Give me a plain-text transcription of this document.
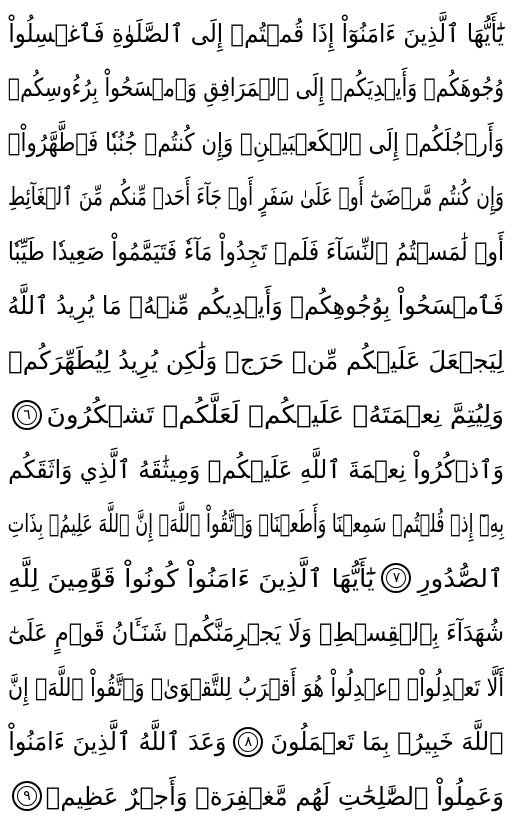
يَٰٓأَيُّهَا ٱلَّذِينَ ءَامَنُوٓاْ إِذَا قُمۡتُمۡ إِلَى ٱلصَّلَوٰةِ فَٱغۡسِلُواْ
وُجُوهَكُمۡ وَأَيۡدِيَكُمۡ إِلَى ٱلۡمَرَافِقِ وَٱمۡسَحُواْ بِرُءُوسِكُمۡ
وَأَرۡجُلَكُمۡ إِلَى ٱلۡكَعۡبَيۡنِۚ وَإِن كُنتُمۡ جُنُبٗا فَٱطَّهَّرُواْۚ
وَإِن كُنتُم مَّرۡضَىٰٓ أَوۡ عَلَىٰ سَفَرٍ أَوۡ جَآءَ أَحَدٞ مِّنكُم مِّنَ ٱلۡغَآئِطِ
أَوۡ لَٰمَسۡتُمُ ٱلنِّسَآءَ فَلَمۡ تَجِدُواْ مَآءٗ فَتَيَمَّمُواْ صَعِيدٗا طَيِّبٗا
فَٱمۡسَحُواْ بِوُجُوهِكُمۡ وَأَيۡدِيكُم مِّنۡهُۚ مَا يُرِيدُ ٱللَّهُ
لِيَجۡعَلَ عَلَيۡكُم مِّنۡ حَرَجٖ وَلَٰكِن يُرِيدُ لِيُطَهِّرَكُمۡ
وَلِيُتِمَّ نِعۡمَتَهُۥ عَلَيۡكُمۡ لَعَلَّكُمۡ تَشۡكُرُونَ
٦
وَٱذۡكُرُواْ نِعۡمَةَ ٱللَّهِ عَلَيۡكُمۡ وَمِيثَٰقَهُ ٱلَّذِي وَاثَقَكُم
بِهِۦٓ إِذۡ قُلۡتُمۡ سَمِعۡنَا وَأَطَعۡنَاۖ وَٱتَّقُواْ ٱللَّهَۚ إِنَّ ٱللَّهَ عَلِيمُۢ بِذَاتِ
ٱلصُّدُورِ
٧
يَٰٓأَيُّهَا ٱلَّذِينَ ءَامَنُواْ كُونُواْ قَوَّٰمِينَ لِلَّهِ
شُهَدَآءَ بِٱلۡقِسۡطِۖ وَلَا يَجۡرِمَنَّكُمۡ شَنَـَٔانُ قَوۡمٍ عَلَىٰٓ
أَلَّا تَعۡدِلُواْۚ ٱعۡدِلُواْ هُوَ أَقۡرَبُ لِلتَّقۡوَىٰۖ وَٱتَّقُواْ ٱللَّهَۚ إِنَّ
ٱللَّهَ خَبِيرُۢ بِمَا تَعۡمَلُونَ
٨
وَعَدَ ٱللَّهُ ٱلَّذِينَ ءَامَنُواْ
وَعَمِلُواْ ٱلصَّٰلِحَٰتِ لَهُم مَّغۡفِرَةٞ وَأَجۡرٌ عَظِيمٞ
٩
